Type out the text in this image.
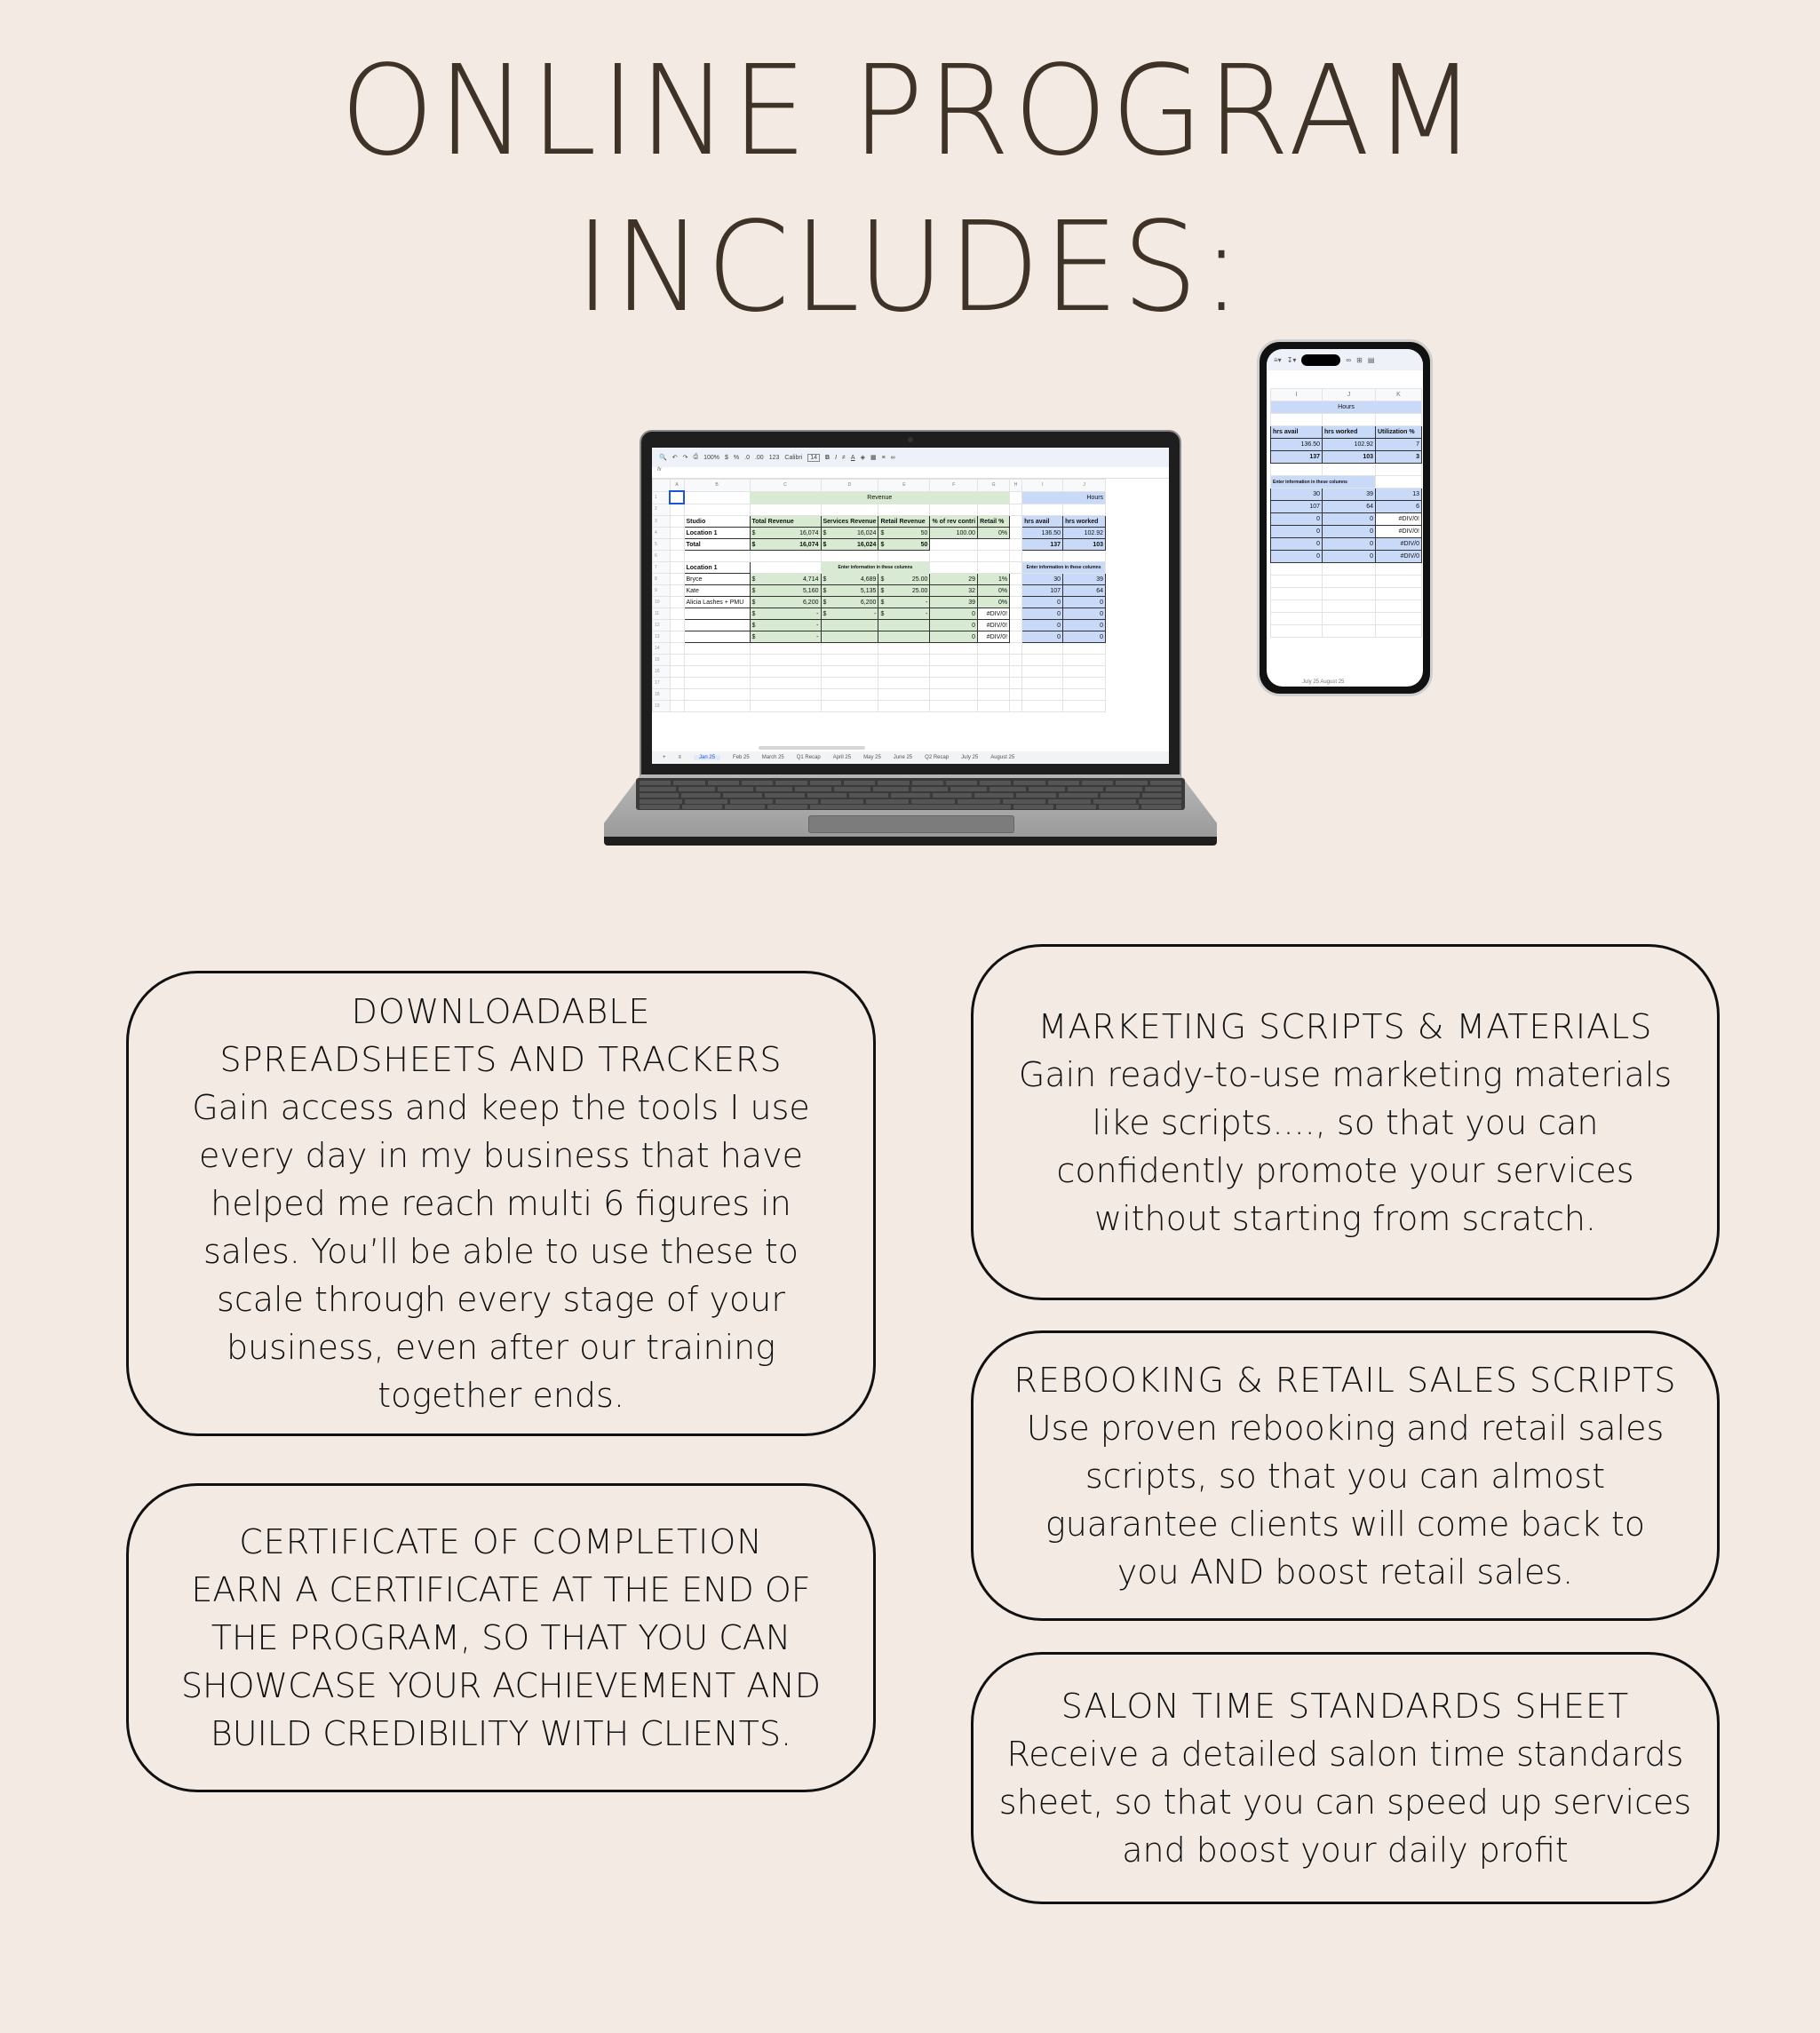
ONLINE PROGRAM
INCLUDES:
🔍 ↶ ↷ ⎙ 100% $ % .0 .00 123 Calibri	14	B I ≠ A ◈ ▦ ≡ ∞
fx
	A	B	C	D	E	F	G	H	I	J
1			Revenue						Hours	
2										
3		Studio	Total Revenue	Services Revenue	Retail Revenue	% of rev contri	Retail %		hrs avail	hrs worked
4		Location 1	$ 16,074	$ 16,024	$ 50	100.00	0%		136.50	102.92
5		Total	$ 16,074	$ 16,024	$ 50				137	103
6										
7		Location 1		Enter information in these columns					Enter information in these columns	
8		Bryce	$ 4,714	$ 4,689	$ 25.00	29	1%		30	39
9		Kate	$ 5,160	$ 5,135	$ 25.00	32	0%		107	64
10		Alicia Lashes + PMU	$ 6,200	$ 6,200	$ -	39	0%		0	0
11			$ -	$ -	$ -	0	#DIV/0!		0	0
12			$ -			0	#DIV/0!		0	0
13			$ -			0	#DIV/0!		0	0
14										
15										
16										
17										
18										
19										
+ ≡	Jan 25	Feb 25 March 25 Q1 Recap April 25 May 25 June 25 Q2 Recap July 25 August 25
≡▾ ↧▾	∞ ⊞ ▤
I	J	K
Hours		

hrs avail	hrs worked	Utilization %
136.50	102.92	7
137	103	3

Enter information in these columns		
30	39	13
107	64	6
0	0	#DIV/0!
0	0	#DIV/0!
0	0	#DIV/0
0	0	#DIV/0

July 25 August 25
DOWNLOADABLE SPREADSHEETS AND TRACKERS
Gain access and keep the tools I use every day in my business that have helped me reach multi 6 figures in sales. You’ll be able to use these to scale through every stage of your business, even after our training together ends.
CERTIFICATE OF COMPLETION
EARN A CERTIFICATE AT THE END OF THE PROGRAM, SO THAT YOU CAN SHOWCASE YOUR ACHIEVEMENT AND BUILD CREDIBILITY WITH CLIENTS.
MARKETING SCRIPTS & MATERIALS
Gain ready-to-use marketing materials like scripts...., so that you can confidently promote your services without starting from scratch.
REBOOKING & RETAIL SALES SCRIPTS
Use proven rebooking and retail sales scripts, so that you can almost guarantee clients will come back to you AND boost retail sales.
SALON TIME STANDARDS SHEET
Receive a detailed salon time standards sheet, so that you can speed up services and boost your daily profit
